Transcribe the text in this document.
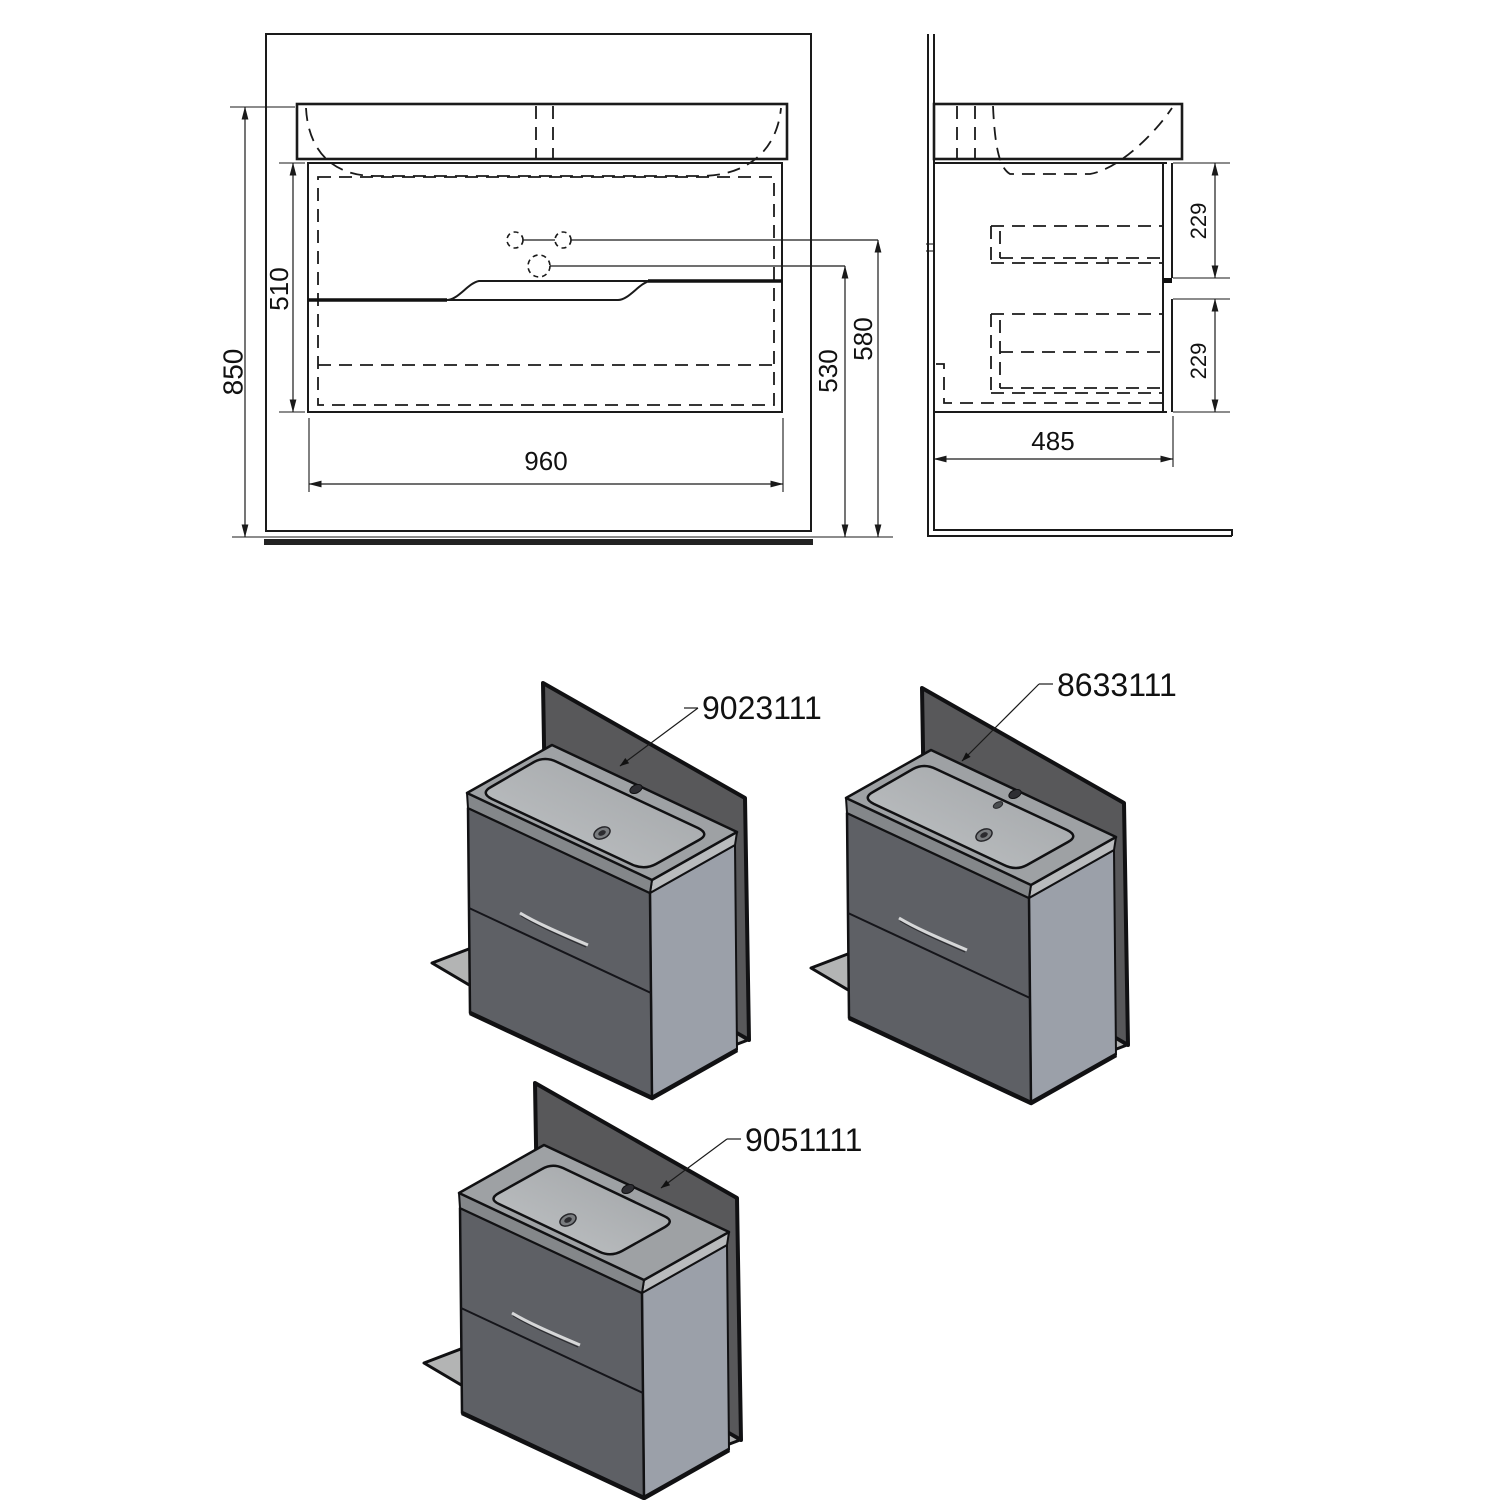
850
510
960
580
530
229
229
485
9023111
8633111
9051111
